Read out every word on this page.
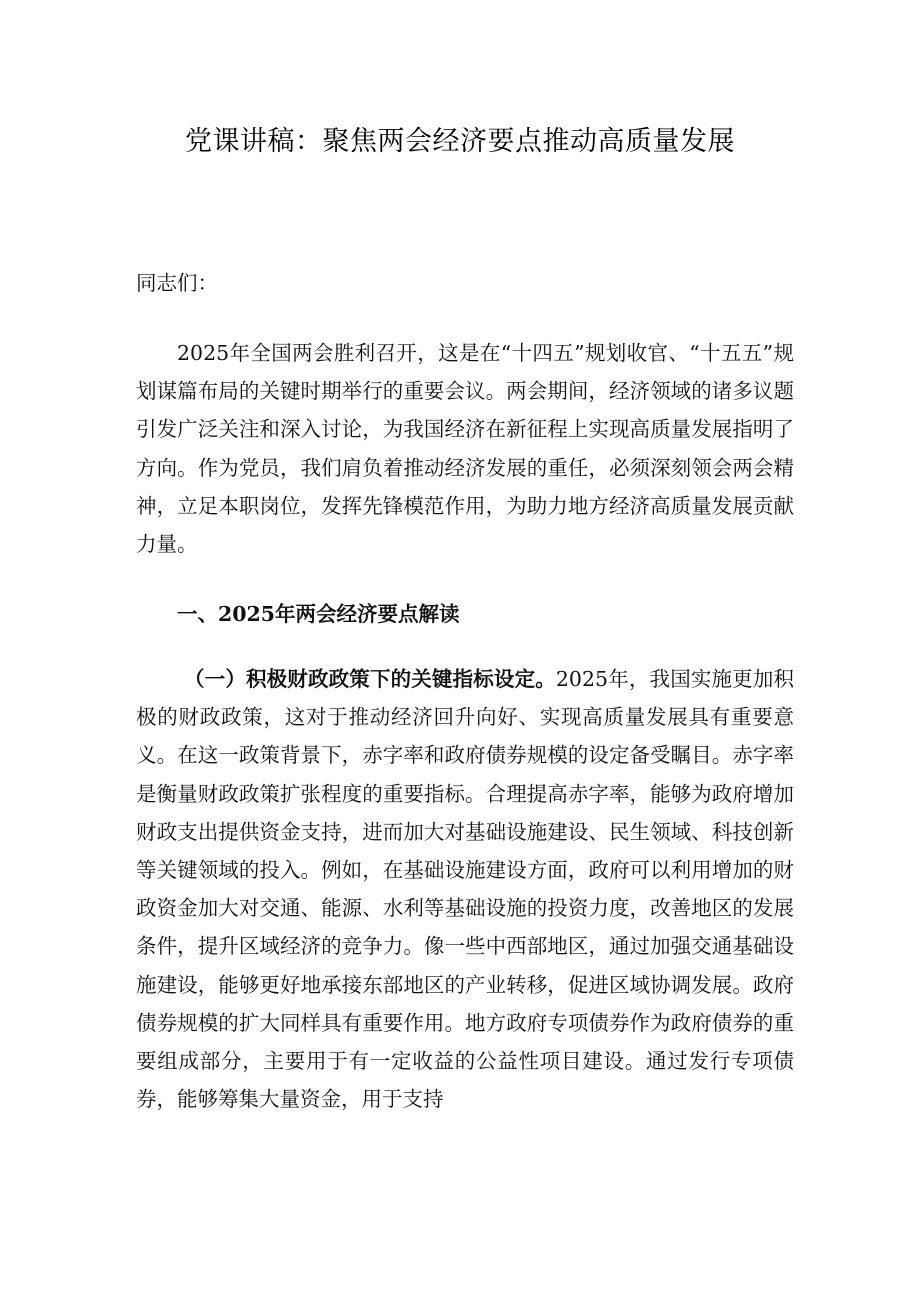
党课讲稿：聚焦两会经济要点推动高质量发展

同志们：

2025年全国两会胜利召开，这是在“十四五”规划收官、“十五五”规划谋篇布局的关键时期举行的重要会议。两会期间，经济领域的诸多议题引发广泛关注和深入讨论，为我国经济在新征程上实现高质量发展指明了方向。作为党员，我们肩负着推动经济发展的重任，必须深刻领会两会精神，立足本职岗位，发挥先锋模范作用，为助力地方经济高质量发展贡献力量。

一、2025年两会经济要点解读

（一）积极财政政策下的关键指标设定。2025年，我国实施更加积极的财政政策，这对于推动经济回升向好、实现高质量发展具有重要意义。在这一政策背景下，赤字率和政府债券规模的设定备受瞩目。赤字率是衡量财政政策扩张程度的重要指标。合理提高赤字率，能够为政府增加财政支出提供资金支持，进而加大对基础设施建设、民生领域、科技创新等关键领域的投入。例如，在基础设施建设方面，政府可以利用增加的财政资金加大对交通、能源、水利等基础设施的投资力度，改善地区的发展条件，提升区域经济的竞争力。像一些中西部地区，通过加强交通基础设施建设，能够更好地承接东部地区的产业转移，促进区域协调发展。政府债券规模的扩大同样具有重要作用。地方政府专项债券作为政府债券的重要组成部分，主要用于有一定收益的公益性项目建设。通过发行专项债券，能够筹集大量资金，用于支持
